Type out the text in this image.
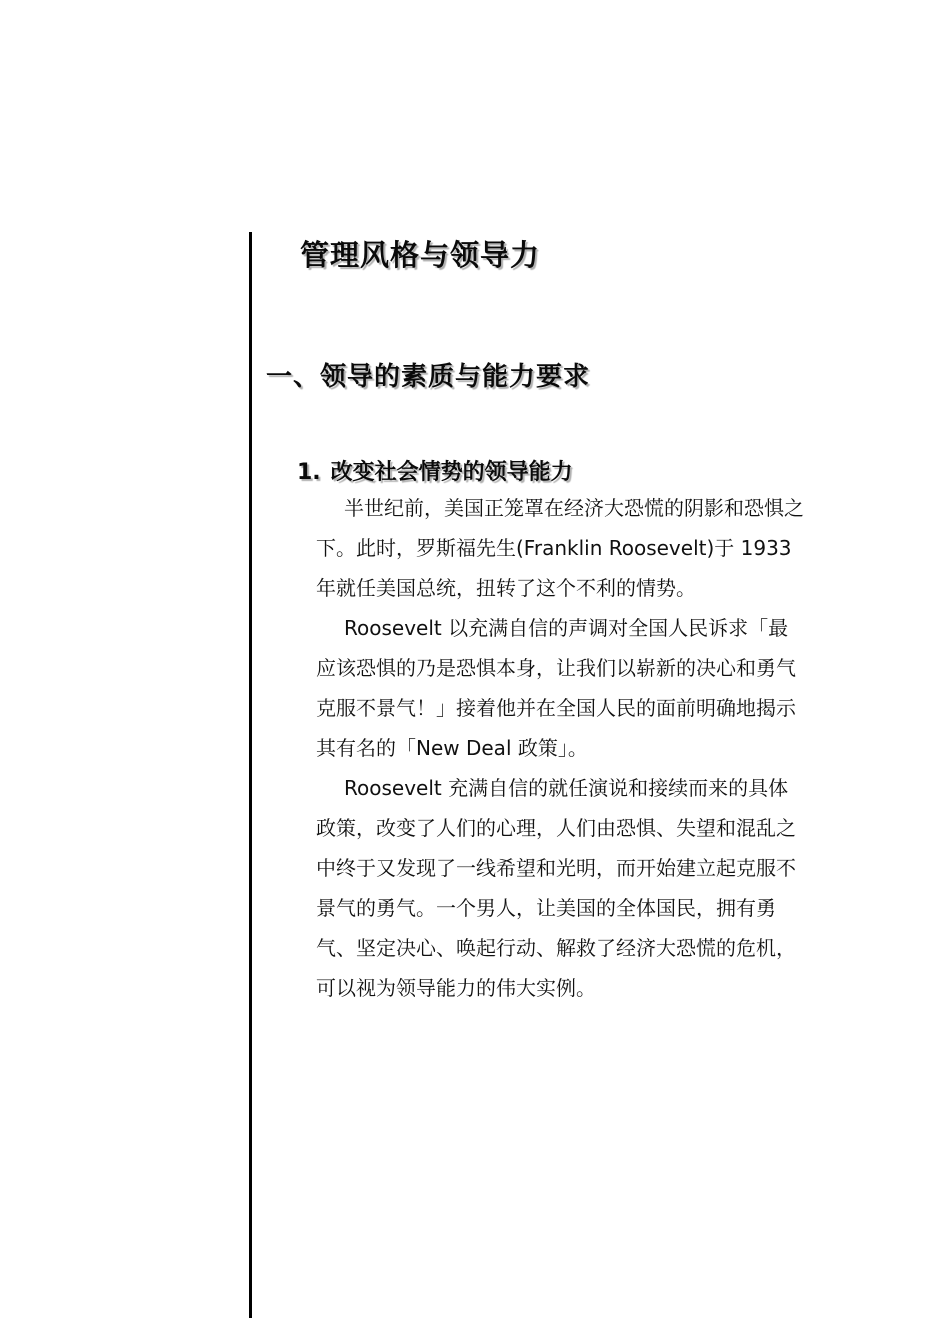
管理风格与领导力
一、领导的素质与能力要求
1. 改变社会情势的领导能力

半世纪前，美国正笼罩在经济大恐慌的阴影和恐惧之下。此时，罗斯福先生(Franklin Roosevelt)于 1933 年就任美国总统，扭转了这个不利的情势。

Roosevelt 以充满自信的声调对全国人民诉求「最应该恐惧的乃是恐惧本身，让我们以崭新的决心和勇气克服不景气！」接着他并在全国人民的面前明确地揭示其有名的「New Deal 政策」。

Roosevelt 充满自信的就任演说和接续而来的具体政策，改变了人们的心理，人们由恐惧、失望和混乱之中终于又发现了一线希望和光明，而开始建立起克服不景气的勇气。一个男人，让美国的全体国民，拥有勇气、坚定决心、唤起行动、解救了经济大恐慌的危机，可以视为领导能力的伟大实例。
